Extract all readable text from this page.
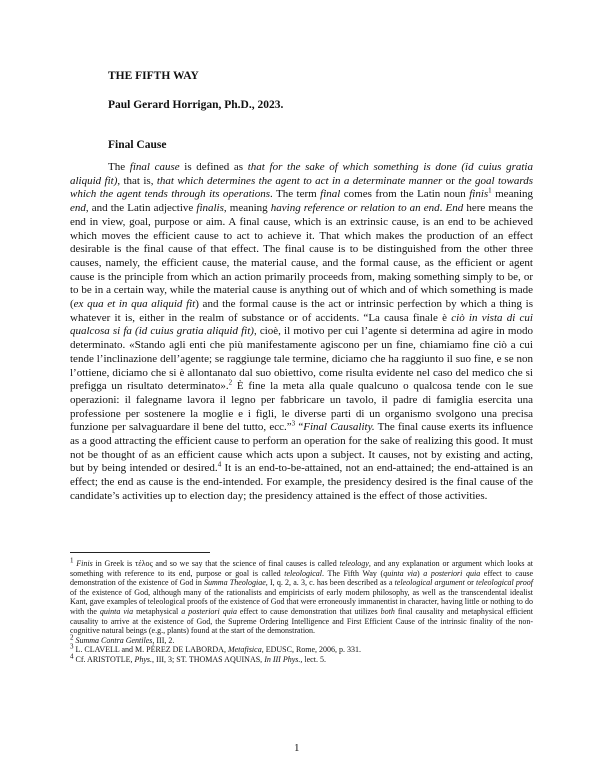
THE FIFTH WAY
Paul Gerard Horrigan, Ph.D., 2023.
Final Cause

The final cause is defined as that for the sake of which something is done (id cuius gratia aliquid fit), that is, that which determines the agent to act in a determinate manner or the goal towards which the agent tends through its operations. The term final comes from the Latin noun finis$^1$ meaning end, and the Latin adjective finalis, meaning having reference or relation to an end. End here means the end in view, goal, purpose or aim. A final cause, which is an extrinsic cause, is an end to be achieved which moves the efficient cause to act to achieve it. That which makes the production of an effect desirable is the final cause of that effect. The final cause is to be distinguished from the other three causes, namely, the efficient cause, the material cause, and the formal cause, as the efficient or agent cause is the principle from which an action primarily proceeds from, making something simply to be, or to be in a certain way, while the material cause is anything out of which and of which something is made (ex qua et in qua aliquid fit) and the formal cause is the act or intrinsic perfection by which a thing is whatever it is, either in the realm of substance or of accidents. “La causa finale è ciò in vista di cui qualcosa si fa (id cuius gratia aliquid fit), cioè, il motivo per cui l’agente si determina ad agire in modo determinato. «Stando agli enti che più manifestamente agiscono per un fine, chiamiamo fine ciò a cui tende l’inclinazione dell’agente; se raggiunge tale termine, diciamo che ha raggiunto il suo fine, e se non l’ottiene, diciamo che si è allontanato dal suo obiettivo, come risulta evidente nel caso del medico che si prefigga un risultato determinato».$^2$ È fine la meta alla quale qualcuno o qualcosa tende con le sue operazioni: il falegname lavora il legno per fabbricare un tavolo, il padre di famiglia esercita una professione per sostenere la moglie e i figli, le diverse parti di un organismo svolgono una precisa funzione per salvaguardare il bene del tutto, ecc.”$^3$ “Final Causality. The final cause exerts its influence as a good attracting the efficient cause to perform an operation for the sake of realizing this good. It must not be thought of as an efficient cause which acts upon a subject. It causes, not by existing and acting, but by being intended or desired.$^4$ It is an end-to-be-attained, not an end-attained; the end-attained is an effect; the end as cause is the end-intended. For example, the presidency desired is the final cause of the candidate’s activities up to election day; the presidency attained is the effect of those activities.

$^1$ Finis in Greek is τέλος and so we say that the science of final causes is called teleology, and any explanation or argument which looks at something with reference to its end, purpose or goal is called teleological. The Fifth Way (quinta via) a posteriori quia effect to cause demonstration of the existence of God in Summa Theologiae, I, q. 2, a. 3, c. has been described as a teleological argument or teleological proof of the existence of God, although many of the rationalists and empiricists of early modern philosophy, as well as the transcendental idealist Kant, gave examples of teleological proofs of the existence of God that were erroneously immanentist in character, having little or nothing to do with the quinta via metaphysical a posteriori quia effect to cause demonstration that utilizes both final causality and metaphysical efficient causality to arrive at the existence of God, the Supreme Ordering Intelligence and First Efficient Cause of the intrinsic finality of the non-cognitive natural beings (e.g., plants) found at the start of the demonstration.

$^2$ Summa Contra Gentiles, III, 2.

$^3$ L. CLAVELL and M. PÉREZ DE LABORDA, Metafisica, EDUSC, Rome, 2006, p. 331.

$^4$ Cf. ARISTOTLE, Phys., III, 3; ST. THOMAS AQUINAS, In III Phys., lect. 5.

1
